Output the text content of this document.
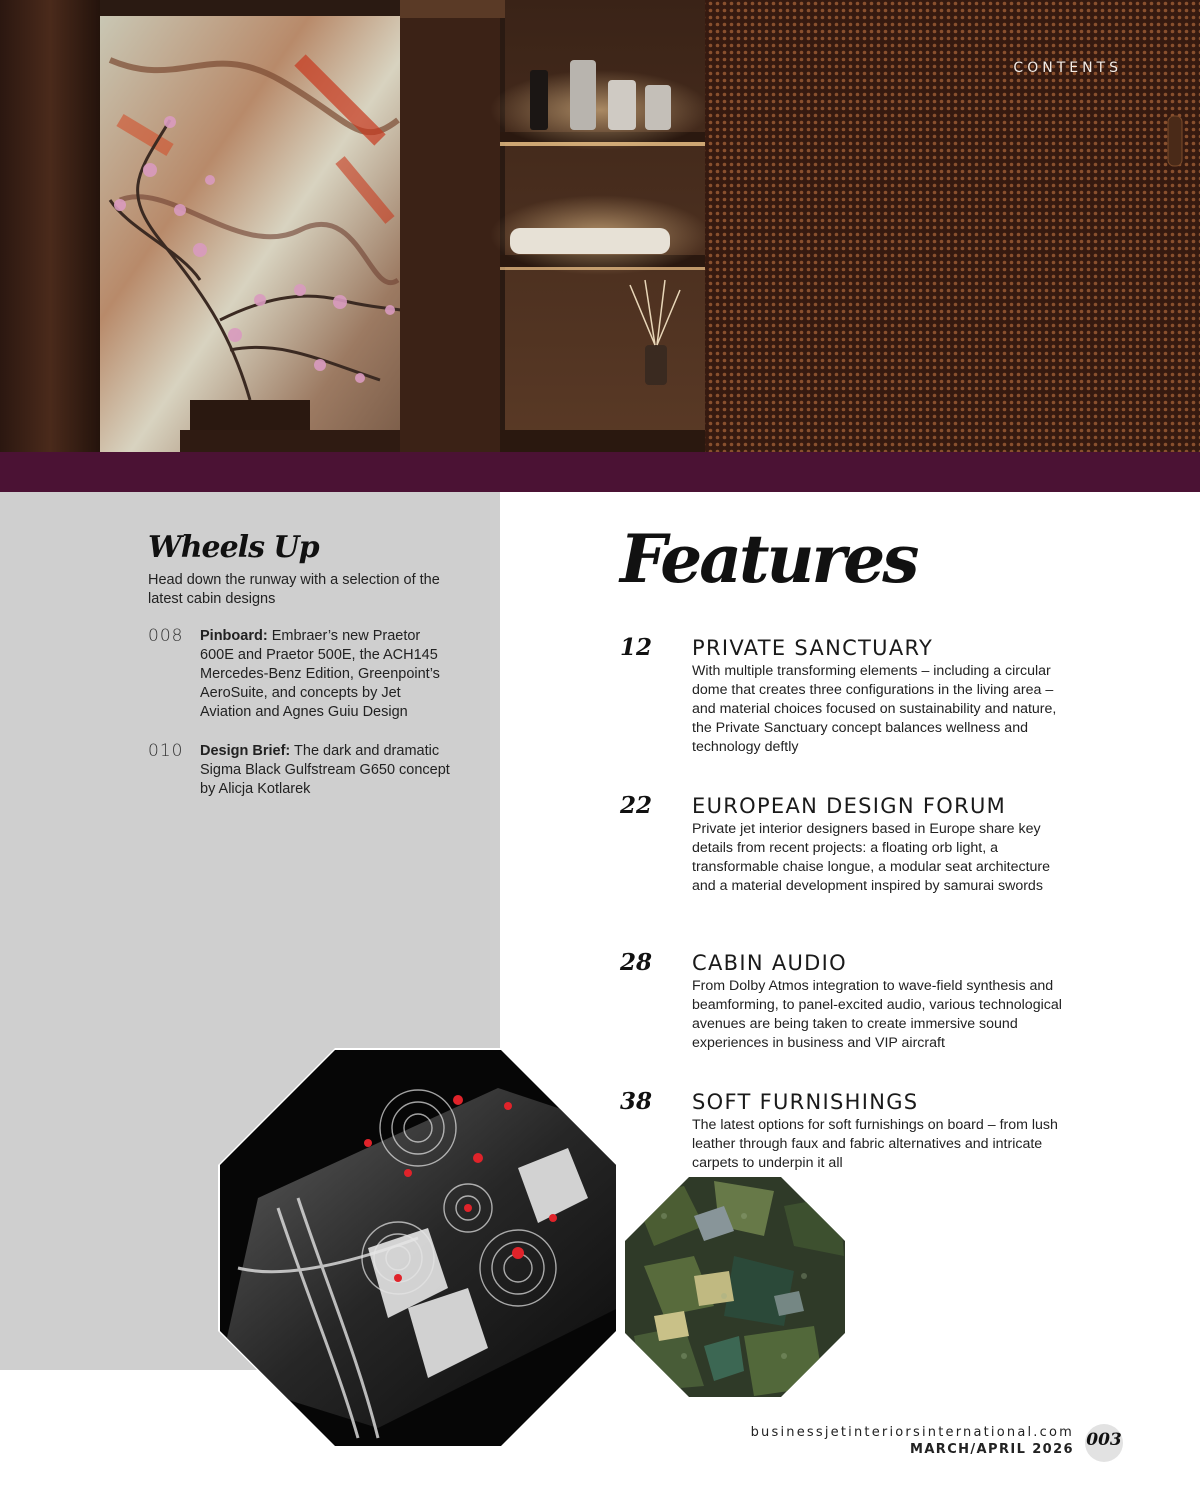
CONTENTS
Wheels Up
Head down the runway with a selection of the latest cabin designs
008 Pinboard: Embraer’s new Praetor 600E and Praetor 500E, the ACH145 Mercedes-Benz Edition, Greenpoint’s AeroSuite, and concepts by Jet Aviation and Agnes Guiu Design
010 Design Brief: The dark and dramatic Sigma Black Gulfstream G650 concept by Alicja Kotlarek
Features
12 PRIVATE SANCTUARY
With multiple transforming elements – including a circular dome that creates three configurations in the living area – and material choices focused on sustainability and nature, the Private Sanctuary concept balances wellness and technology deftly
22 EUROPEAN DESIGN FORUM
Private jet interior designers based in Europe share key details from recent projects: a floating orb light, a transformable chaise longue, a modular seat architecture and a material development inspired by samurai swords
28 CABIN AUDIO
From Dolby Atmos integration to wave-field synthesis and beamforming, to panel-excited audio, various technological avenues are being taken to create immersive sound experiences in business and VIP aircraft
38 SOFT FURNISHINGS
The latest options for soft furnishings on board – from lush leather through faux and fabric alternatives and intricate carpets to underpin it all
businessjetinteriorsinternational.com
MARCH/APRIL 2026 003
